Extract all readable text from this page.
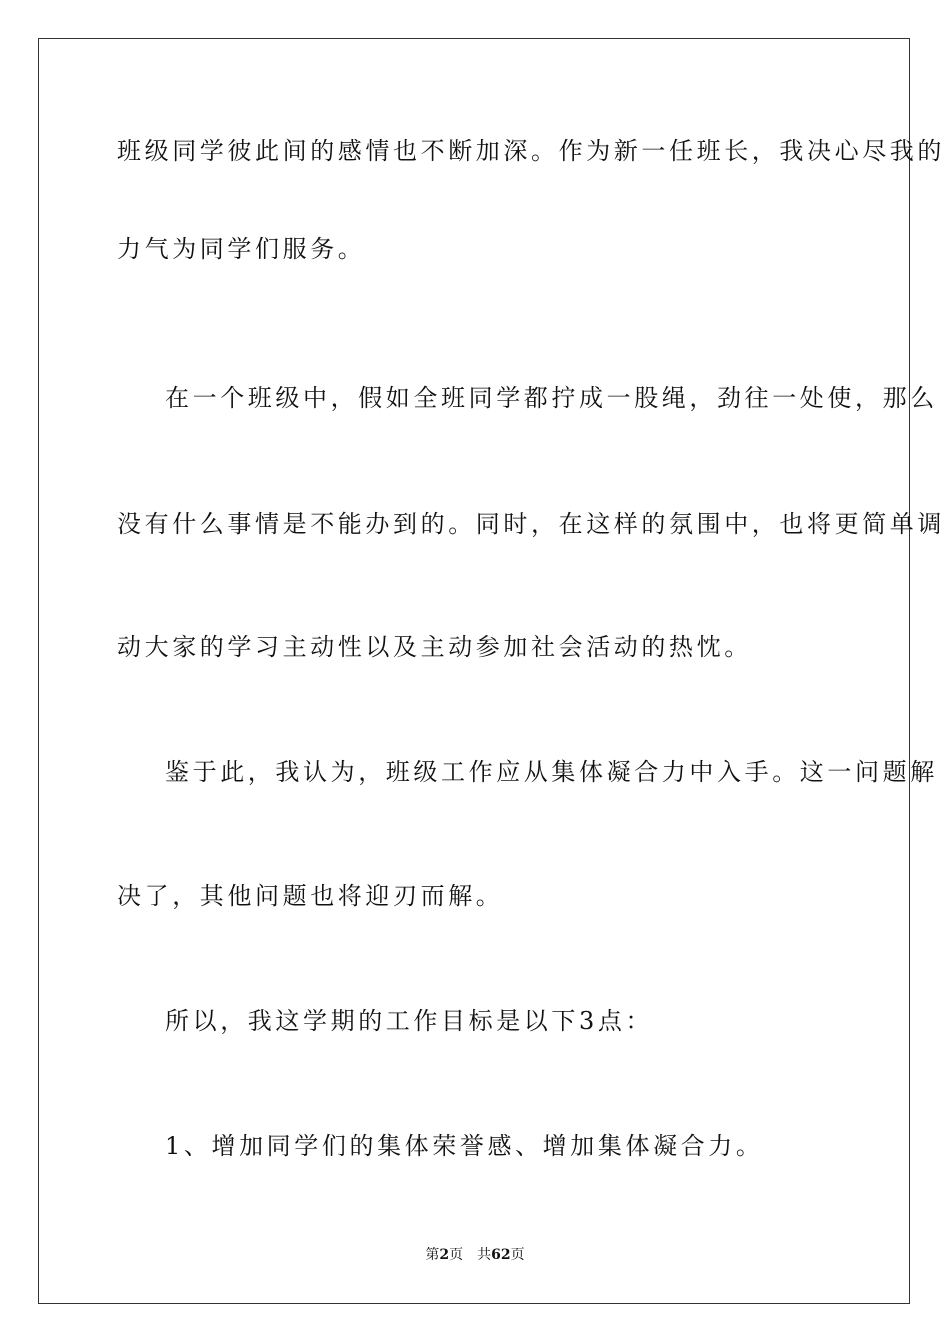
班级同学彼此间的感情也不断加深。作为新一任班长，我决心尽我的
力气为同学们服务。
在一个班级中，假如全班同学都拧成一股绳，劲往一处使，那么
没有什么事情是不能办到的。同时，在这样的氛围中，也将更简单调
动大家的学习主动性以及主动参加社会活动的热忱。
鉴于此，我认为，班级工作应从集体凝合力中入手。这一问题解
决了，其他问题也将迎刃而解。
所以，我这学期的工作目标是以下3点：
1、增加同学们的集体荣誉感、增加集体凝合力。
第2页 共62页
